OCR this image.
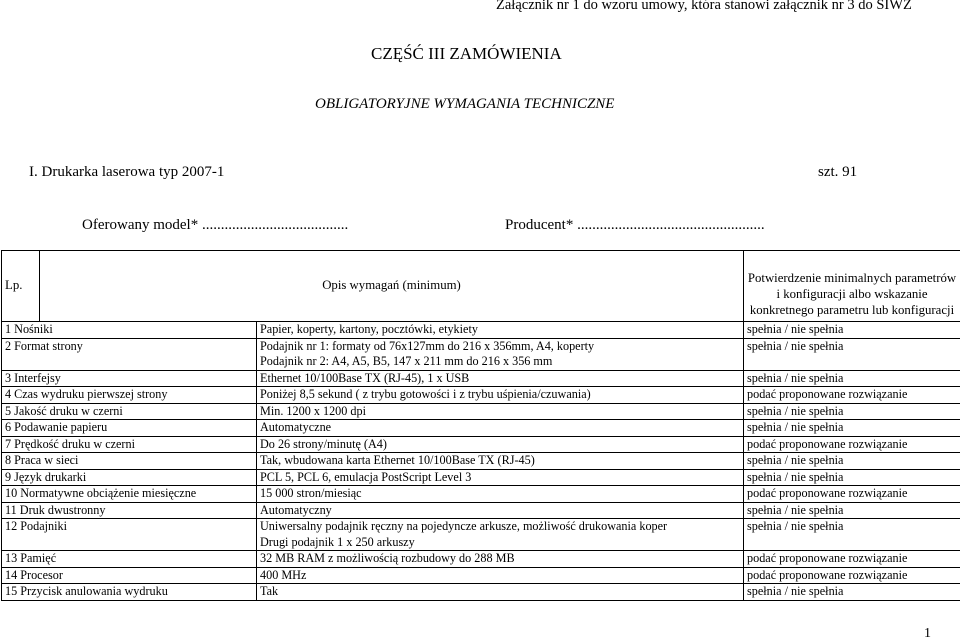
Załącznik nr 1 do wzoru umowy, która stanowi załącznik nr 3 do SIWZ
CZĘŚĆ III ZAMÓWIENIA
OBLIGATORYJNE WYMAGANIA TECHNICZNE
I. Drukarka laserowa typ 2007-1	szt. 91
Oferowany model* .......................................	Producent* ..................................................
Lp.	Opis wymagań (minimum)		Potwierdzenie minimalnych parametrów i konfiguracji albo wskazanie konkretnego parametru lub konfiguracji
1 Nośniki		Papier, koperty, kartony, pocztówki, etykiety	spełnia / nie spełnia
2 Format strony		Podajnik nr 1: formaty od 76x127mm do 216 x 356mm, A4, koperty
Podajnik nr 2: A4, A5, B5, 147 x 211 mm do 216 x 356 mm	spełnia / nie spełnia
3 Interfejsy		Ethernet 10/100Base TX (RJ-45), 1 x USB	spełnia / nie spełnia
4 Czas wydruku pierwszej strony		Poniżej 8,5 sekund ( z trybu gotowości i z trybu uśpienia/czuwania)	podać proponowane rozwiązanie
5 Jakość druku w czerni		Min. 1200 x 1200 dpi	spełnia / nie spełnia
6 Podawanie papieru		Automatyczne	spełnia / nie spełnia
7 Prędkość druku w czerni		Do 26 strony/minutę (A4)	podać proponowane rozwiązanie
8 Praca w sieci		Tak, wbudowana karta Ethernet 10/100Base TX (RJ-45)	spełnia / nie spełnia
9 Język drukarki		PCL 5, PCL 6, emulacja PostScript Level 3	spełnia / nie spełnia
10 Normatywne obciążenie miesięczne		15 000 stron/miesiąc	podać proponowane rozwiązanie
11 Druk dwustronny		Automatyczny	spełnia / nie spełnia
12 Podajniki		Uniwersalny podajnik ręczny na pojedyncze arkusze, możliwość drukowania koper
Drugi podajnik 1 x 250 arkuszy	spełnia / nie spełnia
13 Pamięć		32 MB RAM z możliwością rozbudowy do 288 MB	podać proponowane rozwiązanie
14 Procesor		400 MHz	podać proponowane rozwiązanie
15 Przycisk anulowania wydruku		Tak	spełnia / nie spełnia
1
